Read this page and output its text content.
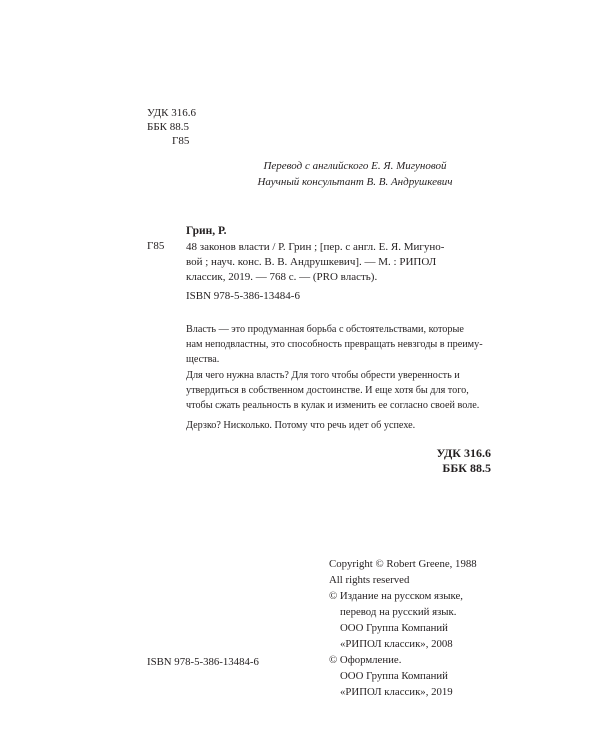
УДК 316.6
ББК 88.5
Г85
Перевод с английского Е. Я. Мигуновой
Научный консультант В. В. Андрушкевич
Грин, Р.
Г85 48 законов власти / Р. Грин ; [пер. с англ. Е. Я. Мигуно-
вой ; науч. конс. В. В. Андрушкевич]. — М. : РИПОЛ
классик, 2019. — 768 с. — (PRO власть).
ISBN 978-5-386-13484-6
Власть — это продуманная борьба с обстоятельствами, которые
нам неподвластны, это способность превращать невзгоды в преиму-
щества.
Для чего нужна власть? Для того чтобы обрести уверенность и
утвердиться в собственном достоинстве. И еще хотя бы для того,
чтобы сжать реальность в кулак и изменить ее согласно своей воле.
Дерзко? Нисколько. Потому что речь идет об успехе.
УДК 316.6
ББК 88.5
Copyright © Robert Greene, 1988
All rights reserved
© Издание на русском языке,
перевод на русский язык.
ООО Группа Компаний
«РИПОЛ классик», 2008
© Оформление.
ООО Группа Компаний
«РИПОЛ классик», 2019
ISBN 978-5-386-13484-6
